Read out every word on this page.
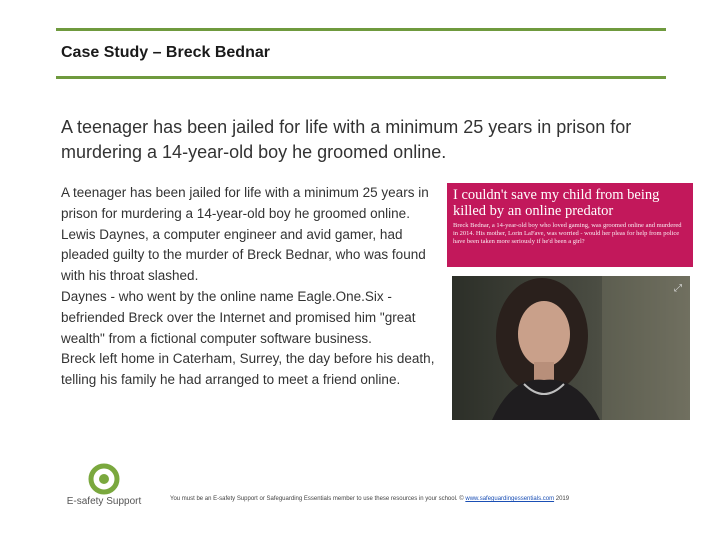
Case Study – Breck Bednar
A teenager has been jailed for life with a minimum 25 years in prison for murdering a 14-year-old boy he groomed online.

A teenager has been jailed for life with a minimum 25 years in prison for murdering a 14-year-old boy he groomed online.

Lewis Daynes, a computer engineer and avid gamer, had pleaded guilty to the murder of Breck Bednar, who was found with his throat slashed.

Daynes - who went by the online name Eagle.One.Six - befriended Breck over the Internet and promised him "great wealth" from a fictional computer software business.

Breck left home in Caterham, Surrey, the day before his death, telling his family he had arranged to meet a friend online.

I couldn't save my child from being killed by an online predator
Breck Bednar, a 14-year-old boy who loved gaming, was groomed online and murdered in 2014. His mother, Lorin LaFave, was worried - would her pleas for help from police have been taken more seriously if he'd been a girl?
⤢
E-safety Support	You must be an E-safety Support or Safeguarding Essentials member to use these resources in your school. © www.safeguardingessentials.com 2019
